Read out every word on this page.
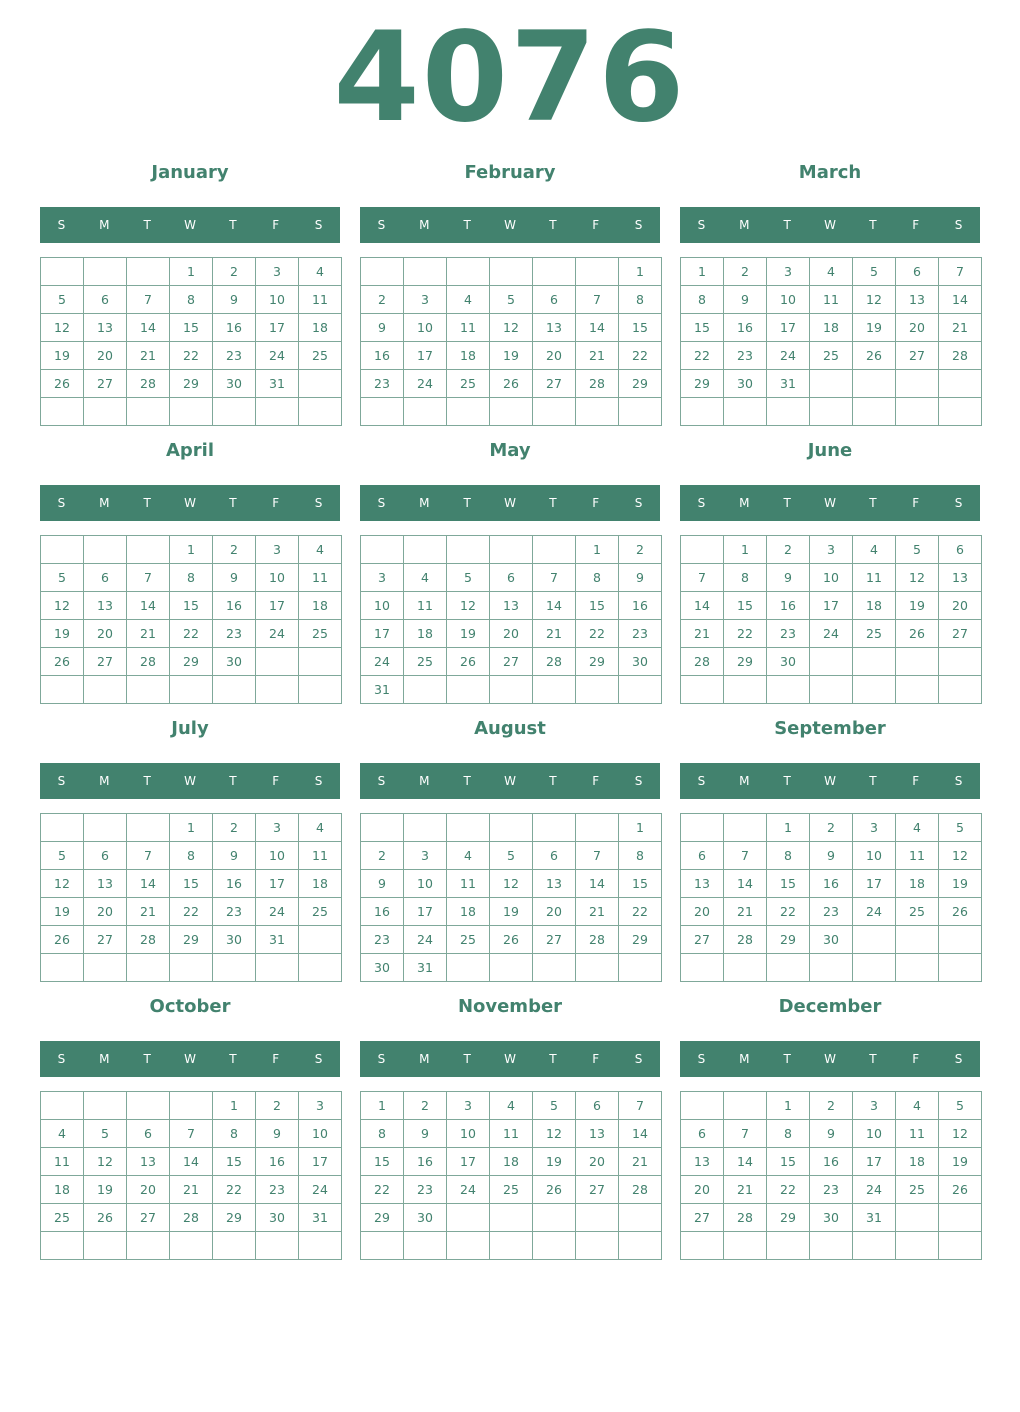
4076
January
S	M	T	W	T	F	S
			1	2	3	4
5	6	7	8	9	10	11
12	13	14	15	16	17	18
19	20	21	22	23	24	25
26	27	28	29	30	31	

February
S	M	T	W	T	F	S
						1
2	3	4	5	6	7	8
9	10	11	12	13	14	15
16	17	18	19	20	21	22
23	24	25	26	27	28	29

March
S	M	T	W	T	F	S
1	2	3	4	5	6	7
8	9	10	11	12	13	14
15	16	17	18	19	20	21
22	23	24	25	26	27	28
29	30	31				

April
S	M	T	W	T	F	S
			1	2	3	4
5	6	7	8	9	10	11
12	13	14	15	16	17	18
19	20	21	22	23	24	25
26	27	28	29	30		

May
S	M	T	W	T	F	S
					1	2
3	4	5	6	7	8	9
10	11	12	13	14	15	16
17	18	19	20	21	22	23
24	25	26	27	28	29	30
31						
June
S	M	T	W	T	F	S
	1	2	3	4	5	6
7	8	9	10	11	12	13
14	15	16	17	18	19	20
21	22	23	24	25	26	27
28	29	30				

July
S	M	T	W	T	F	S
			1	2	3	4
5	6	7	8	9	10	11
12	13	14	15	16	17	18
19	20	21	22	23	24	25
26	27	28	29	30	31	

August
S	M	T	W	T	F	S
						1
2	3	4	5	6	7	8
9	10	11	12	13	14	15
16	17	18	19	20	21	22
23	24	25	26	27	28	29
30	31					
September
S	M	T	W	T	F	S
		1	2	3	4	5
6	7	8	9	10	11	12
13	14	15	16	17	18	19
20	21	22	23	24	25	26
27	28	29	30			

October
S	M	T	W	T	F	S
				1	2	3
4	5	6	7	8	9	10
11	12	13	14	15	16	17
18	19	20	21	22	23	24
25	26	27	28	29	30	31

November
S	M	T	W	T	F	S
1	2	3	4	5	6	7
8	9	10	11	12	13	14
15	16	17	18	19	20	21
22	23	24	25	26	27	28
29	30					

December
S	M	T	W	T	F	S
		1	2	3	4	5
6	7	8	9	10	11	12
13	14	15	16	17	18	19
20	21	22	23	24	25	26
27	28	29	30	31		
